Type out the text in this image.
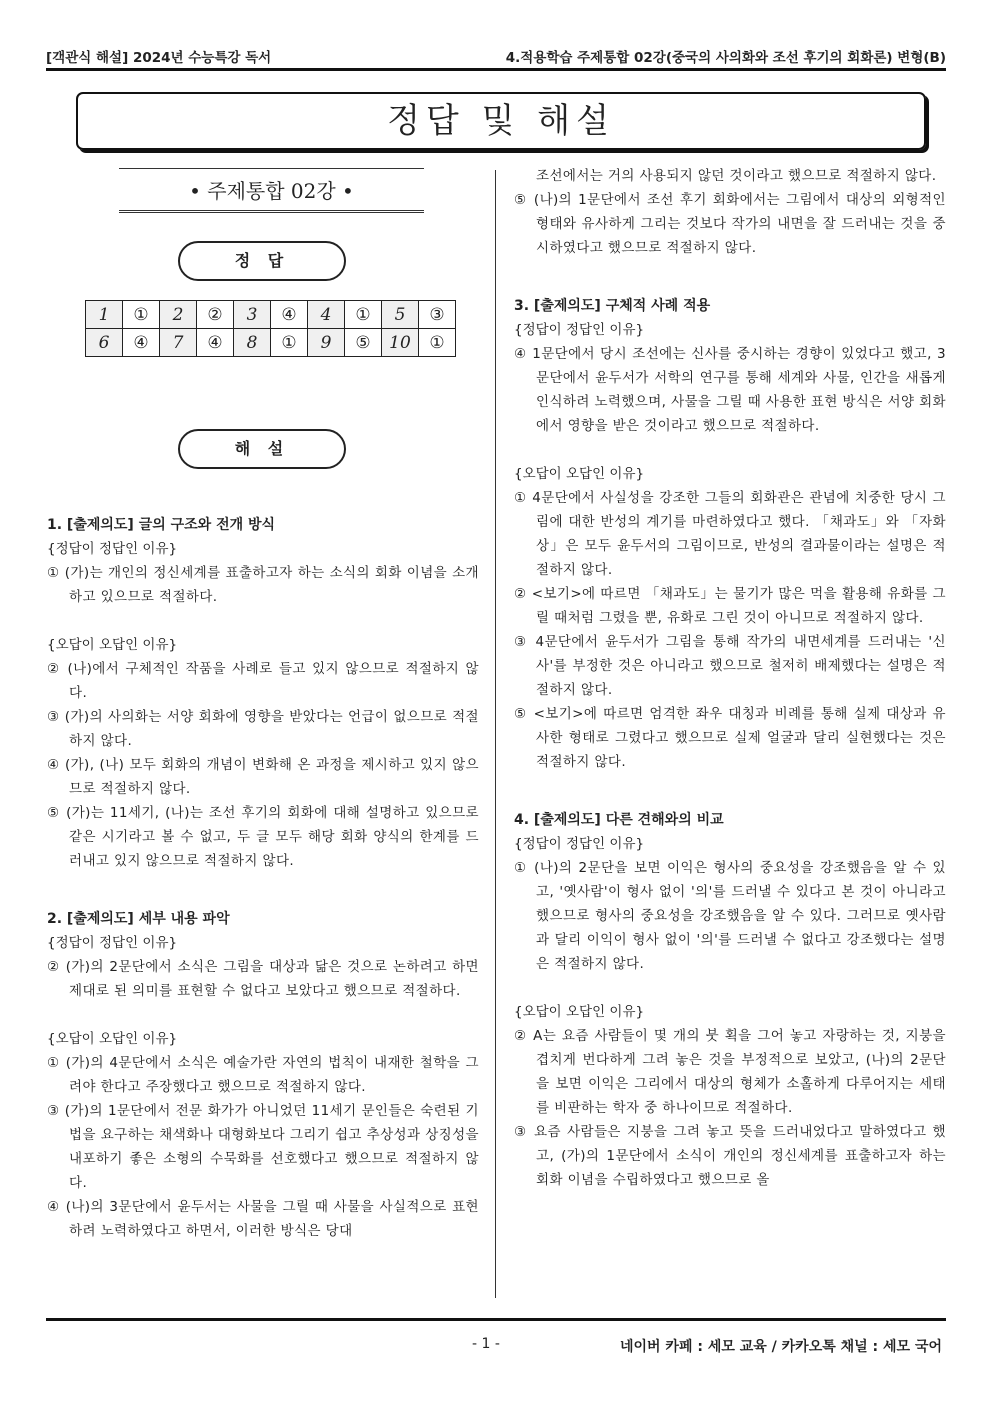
[객관식 해설] 2024년 수능특강 독서	4.적용학습 주제통합 02강(중국의 사의화와 조선 후기의 회화론) 변형(B)
정답 및 해설
• 주제통합 02강 •
정 답
1	①	2	②	3	④	4	①	5	③
6	④	7	④	8	①	9	⑤	10	①
해 설

1. [출제의도] 글의 구조와 전개 방식

{정답이 정답인 이유}

① (가)는 개인의 정신세계를 표출하고자 하는 소식의 회화 이념을 소개하고 있으므로 적절하다.

{오답이 오답인 이유}

② (나)에서 구체적인 작품을 사례로 들고 있지 않으므로 적절하지 않다.

③ (가)의 사의화는 서양 회화에 영향을 받았다는 언급이 없으므로 적절하지 않다.

④ (가), (나) 모두 회화의 개념이 변화해 온 과정을 제시하고 있지 않으므로 적절하지 않다.

⑤ (가)는 11세기, (나)는 조선 후기의 회화에 대해 설명하고 있으므로 같은 시기라고 볼 수 없고, 두 글 모두 해당 회화 양식의 한계를 드러내고 있지 않으므로 적절하지 않다.

2. [출제의도] 세부 내용 파악

{정답이 정답인 이유}

② (가)의 2문단에서 소식은 그림을 대상과 닮은 것으로 논하려고 하면 제대로 된 의미를 표현할 수 없다고 보았다고 했으므로 적절하다.

{오답이 오답인 이유}

① (가)의 4문단에서 소식은 예술가란 자연의 법칙이 내재한 철학을 그려야 한다고 주장했다고 했으므로 적절하지 않다.

③ (가)의 1문단에서 전문 화가가 아니었던 11세기 문인들은 숙련된 기법을 요구하는 채색화나 대형화보다 그리기 쉽고 추상성과 상징성을 내포하기 좋은 소형의 수묵화를 선호했다고 했으므로 적절하지 않다.

④ (나)의 3문단에서 윤두서는 사물을 그릴 때 사물을 사실적으로 표현하려 노력하였다고 하면서, 이러한 방식은 당대

조선에서는 거의 사용되지 않던 것이라고 했으므로 적절하지 않다.

⑤ (나)의 1문단에서 조선 후기 회화에서는 그림에서 대상의 외형적인 형태와 유사하게 그리는 것보다 작가의 내면을 잘 드러내는 것을 중시하였다고 했으므로 적절하지 않다.

3. [출제의도] 구체적 사례 적용

{정답이 정답인 이유}

④ 1문단에서 당시 조선에는 신사를 중시하는 경향이 있었다고 했고, 3문단에서 윤두서가 서학의 연구를 통해 세계와 사물, 인간을 새롭게 인식하려 노력했으며, 사물을 그릴 때 사용한 표현 방식은 서양 회화에서 영향을 받은 것이라고 했으므로 적절하다.

{오답이 오답인 이유}

① 4문단에서 사실성을 강조한 그들의 회화관은 관념에 치중한 당시 그림에 대한 반성의 계기를 마련하였다고 했다. 「채과도」와 「자화상」은 모두 윤두서의 그림이므로, 반성의 결과물이라는 설명은 적절하지 않다.

② <보기>에 따르면 「채과도」는 물기가 많은 먹을 활용해 유화를 그릴 때처럼 그렸을 뿐, 유화로 그린 것이 아니므로 적절하지 않다.

③ 4문단에서 윤두서가 그림을 통해 작가의 내면세계를 드러내는 '신사'를 부정한 것은 아니라고 했으므로 철저히 배제했다는 설명은 적절하지 않다.

⑤ <보기>에 따르면 엄격한 좌우 대칭과 비례를 통해 실제 대상과 유사한 형태로 그렸다고 했으므로 실제 얼굴과 달리 실현했다는 것은 적절하지 않다.

4. [출제의도] 다른 견해와의 비교

{정답이 정답인 이유}

① (나)의 2문단을 보면 이익은 형사의 중요성을 강조했음을 알 수 있고, '옛사람'이 형사 없이 '의'를 드러낼 수 있다고 본 것이 아니라고 했으므로 형사의 중요성을 강조했음을 알 수 있다. 그러므로 옛사람과 달리 이익이 형사 없이 '의'를 드러낼 수 없다고 강조했다는 설명은 적절하지 않다.

{오답이 오답인 이유}

② A는 요즘 사람들이 몇 개의 붓 획을 그어 놓고 자랑하는 것, 지붕을 겹치게 번다하게 그려 놓은 것을 부정적으로 보았고, (나)의 2문단을 보면 이익은 그리에서 대상의 형체가 소홀하게 다루어지는 세태를 비판하는 학자 중 하나이므로 적절하다.

③ 요즘 사람들은 지붕을 그려 놓고 뜻을 드러내었다고 말하였다고 했고, (가)의 1문단에서 소식이 개인의 정신세계를 표출하고자 하는 회화 이념을 수립하였다고 했으므로 올

- 1 -	네이버 카페 : 세모 교육 / 카카오톡 채널 : 세모 국어
